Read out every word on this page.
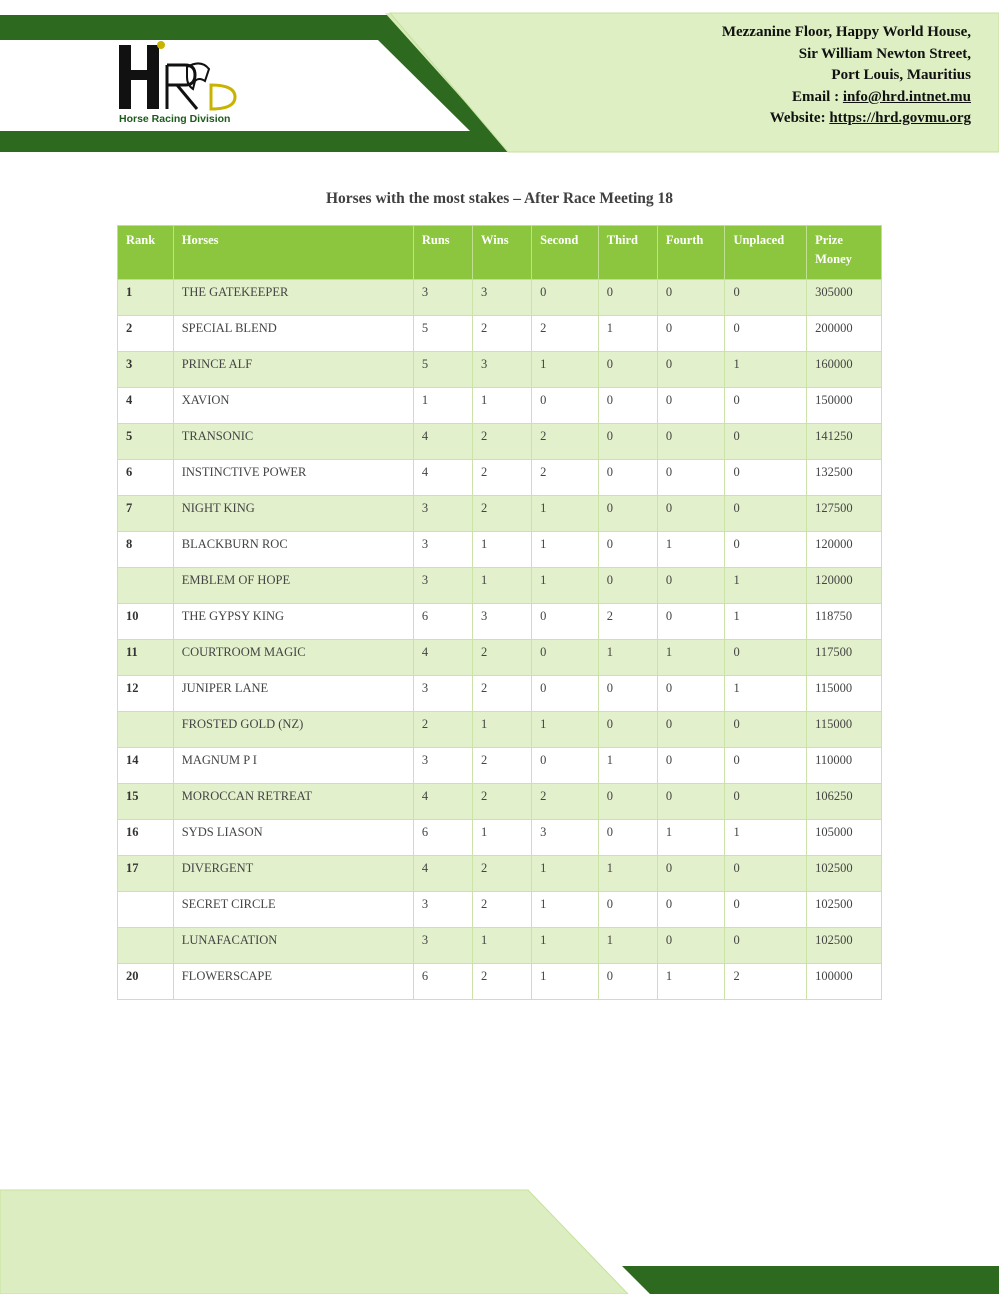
Horse Racing Division
Mezzanine Floor, Happy World House,
Sir William Newton Street,
Port Louis, Mauritius
Email : info@hrd.intnet.mu
Website: https://hrd.govmu.org
Horses with the most stakes – After Race Meeting 18
Rank	Horses	Runs	Wins	Second	Third	Fourth	Unplaced	Prize Money
1	THE GATEKEEPER	3	3	0	0	0	0	305000
2	SPECIAL BLEND	5	2	2	1	0	0	200000
3	PRINCE ALF	5	3	1	0	0	1	160000
4	XAVION	1	1	0	0	0	0	150000
5	TRANSONIC	4	2	2	0	0	0	141250
6	INSTINCTIVE POWER	4	2	2	0	0	0	132500
7	NIGHT KING	3	2	1	0	0	0	127500
8	BLACKBURN ROC	3	1	1	0	1	0	120000
	EMBLEM OF HOPE	3	1	1	0	0	1	120000
10	THE GYPSY KING	6	3	0	2	0	1	118750
11	COURTROOM MAGIC	4	2	0	1	1	0	117500
12	JUNIPER LANE	3	2	0	0	0	1	115000
	FROSTED GOLD (NZ)	2	1	1	0	0	0	115000
14	MAGNUM P I	3	2	0	1	0	0	110000
15	MOROCCAN RETREAT	4	2	2	0	0	0	106250
16	SYDS LIASON	6	1	3	0	1	1	105000
17	DIVERGENT	4	2	1	1	0	0	102500
	SECRET CIRCLE	3	2	1	0	0	0	102500
	LUNAFACATION	3	1	1	1	0	0	102500
20	FLOWERSCAPE	6	2	1	0	1	2	100000
